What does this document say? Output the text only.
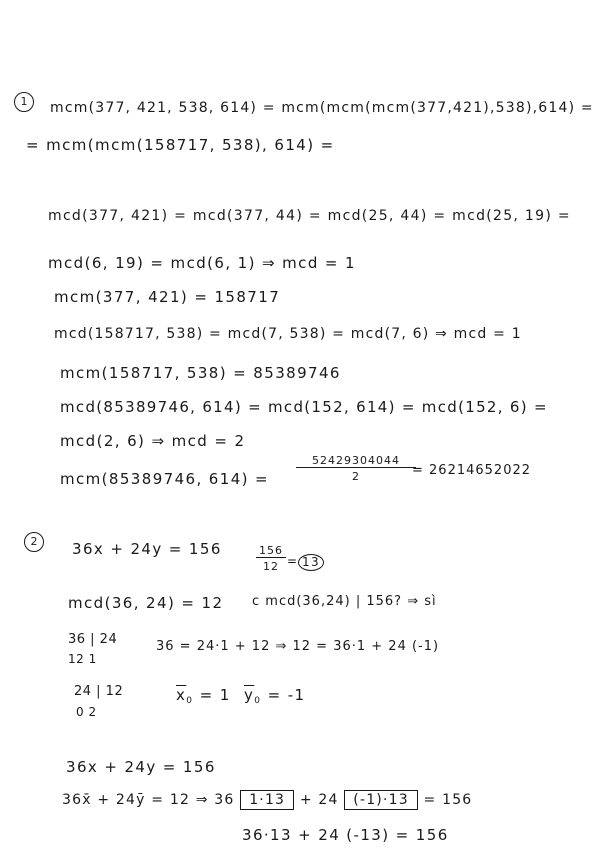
1	mcm(377, 421, 538, 614) = mcm(mcm(mcm(377,421),538),614) =
= mcm(mcm(158717, 538), 614) =
mcd(377, 421) = mcd(377, 44) = mcd(25, 44) = mcd(25, 19) =
mcd(6, 19) = mcd(6, 1) ⇒ mcd = 1
mcm(377, 421) = 158717
mcd(158717, 538) = mcd(7, 538) = mcd(7, 6) ⇒ mcd = 1
mcm(158717, 538) = 85389746
mcd(85389746, 614) = mcd(152, 614) = mcd(152, 6) =
mcd(2, 6) ⇒ mcd = 2
mcm(85389746, 614) =
52429304044
2	= 26214652022
2	36x + 24y = 156	156
12 = 13
mcd(36, 24) = 12 c mcd(36,24) | 156? ⇒ sì
36 | 24
12 1
36 = 24·1 + 12 ⇒ 12 = 36·1 + 24 (-1)
24 | 12
0 2
$\overline{x}_0 = 1$ $\overline{y}_0 = -1$
36x + 24y = 156
36x̄ + 24ȳ = 12 ⇒ 36 1·13 + 24 (-1)·13 = 156
36·13 + 24 (-13) = 156
